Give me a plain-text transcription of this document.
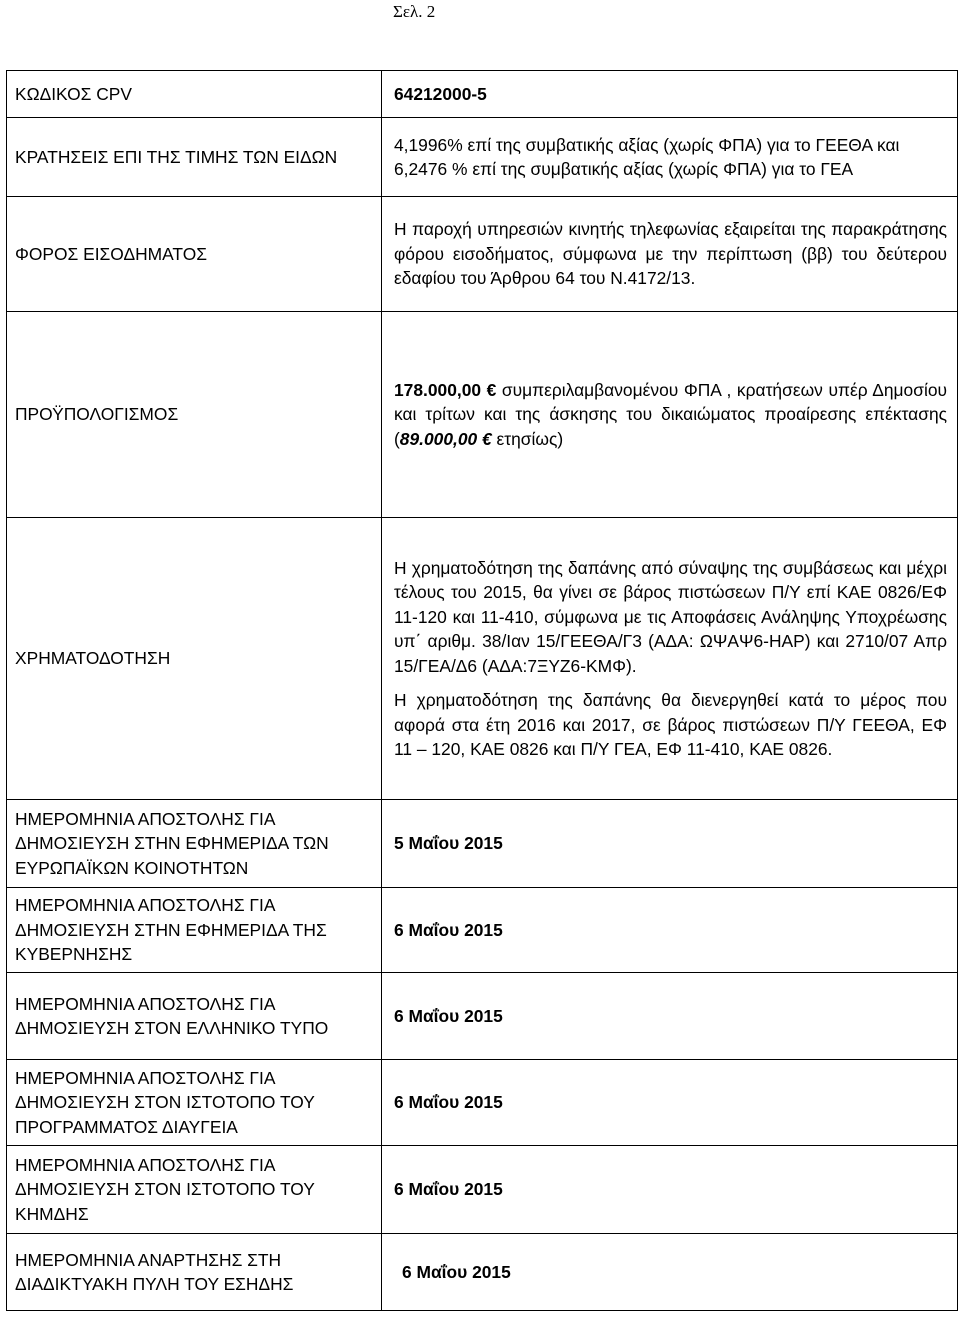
Σελ. 2
ΚΩΔΙΚΟΣ CPV	64212000-5
ΚΡΑΤΗΣΕΙΣ ΕΠΙ ΤΗΣ ΤΙΜΗΣ ΤΩΝ ΕΙΔΩΝ	4,1996% επί της συμβατικής αξίας (χωρίς ΦΠΑ) για το ΓΕΕΘΑ και 6,2476 % επί της συμβατικής αξίας (χωρίς ΦΠΑ) για το ΓΕΑ
ΦΟΡΟΣ ΕΙΣΟΔΗΜΑΤΟΣ	Η παροχή υπηρεσιών κινητής τηλεφωνίας εξαιρείται της παρακράτησης φόρου εισοδήματος, σύμφωνα με την περίπτωση (ββ) του δεύτερου εδαφίου του Άρθρου 64 του Ν.4172/13.
ΠΡΟΫΠΟΛΟΓΙΣΜΟΣ	178.000,00 € συμπεριλαμβανομένου ΦΠΑ , κρατήσεων υπέρ Δημοσίου και τρίτων και της άσκησης του δικαιώματος προαίρεσης επέκτασης (89.000,00 € ετησίως)
ΧΡΗΜΑΤΟΔΟΤΗΣΗ	Η χρηματοδότηση της δαπάνης από σύναψης της συμβάσεως και μέχρι τέλους του 2015, θα γίνει σε βάρος πιστώσεων Π/Υ επί ΚΑΕ 0826/ΕΦ 11-120 και 11-410, σύμφωνα με τις Αποφάσεις Ανάληψης Υποχρέωσης υπ΄ αριθμ. 38/Ιαν 15/ΓΕΕΘΑ/Γ3 (ΑΔΑ: ΩΨΑΨ6-ΗΑΡ) και 2710/07 Απρ 15/ΓΕΑ/Δ6 (ΑΔΑ:7ΞΥΖ6-ΚΜΦ).

Η χρηματοδότηση της δαπάνης θα διενεργηθεί κατά το μέρος που αφορά στα έτη 2016 και 2017, σε βάρος πιστώσεων Π/Υ ΓΕΕΘΑ, ΕΦ 11 – 120, ΚΑΕ 0826 και Π/Υ ΓΕΑ, ΕΦ 11-410, ΚΑΕ 0826.

ΗΜΕΡΟΜΗΝΙΑ ΑΠΟΣΤΟΛΗΣ ΓΙΑ ΔΗΜΟΣΙΕΥΣΗ ΣΤΗΝ ΕΦΗΜΕΡΙΔΑ ΤΩΝ ΕΥΡΩΠΑΪΚΩΝ ΚΟΙΝΟΤΗΤΩΝ	5 Μαΐου 2015
ΗΜΕΡΟΜΗΝΙΑ ΑΠΟΣΤΟΛΗΣ ΓΙΑ ΔΗΜΟΣΙΕΥΣΗ ΣΤΗΝ ΕΦΗΜΕΡΙΔΑ ΤΗΣ ΚΥΒΕΡΝΗΣΗΣ	6 Μαΐου 2015
ΗΜΕΡΟΜΗΝΙΑ ΑΠΟΣΤΟΛΗΣ ΓΙΑ ΔΗΜΟΣΙΕΥΣΗ ΣΤΟΝ ΕΛΛΗΝΙΚΟ ΤΥΠΟ	6 Μαΐου 2015
ΗΜΕΡΟΜΗΝΙΑ ΑΠΟΣΤΟΛΗΣ ΓΙΑ ΔΗΜΟΣΙΕΥΣΗ ΣΤΟΝ ΙΣΤΟΤΟΠΟ ΤΟΥ ΠΡΟΓΡΑΜΜΑΤΟΣ ΔΙΑΥΓΕΙΑ	6 Μαΐου 2015
ΗΜΕΡΟΜΗΝΙΑ ΑΠΟΣΤΟΛΗΣ ΓΙΑ ΔΗΜΟΣΙΕΥΣΗ ΣΤΟΝ ΙΣΤΟΤΟΠΟ ΤΟΥ ΚΗΜΔΗΣ	6 Μαΐου 2015
ΗΜΕΡΟΜΗΝΙΑ ΑΝΑΡΤΗΣΗΣ ΣΤΗ ΔΙΑΔΙΚΤΥΑΚΗ ΠΥΛΗ ΤΟΥ ΕΣΗΔΗΣ	6 Μαΐου 2015
